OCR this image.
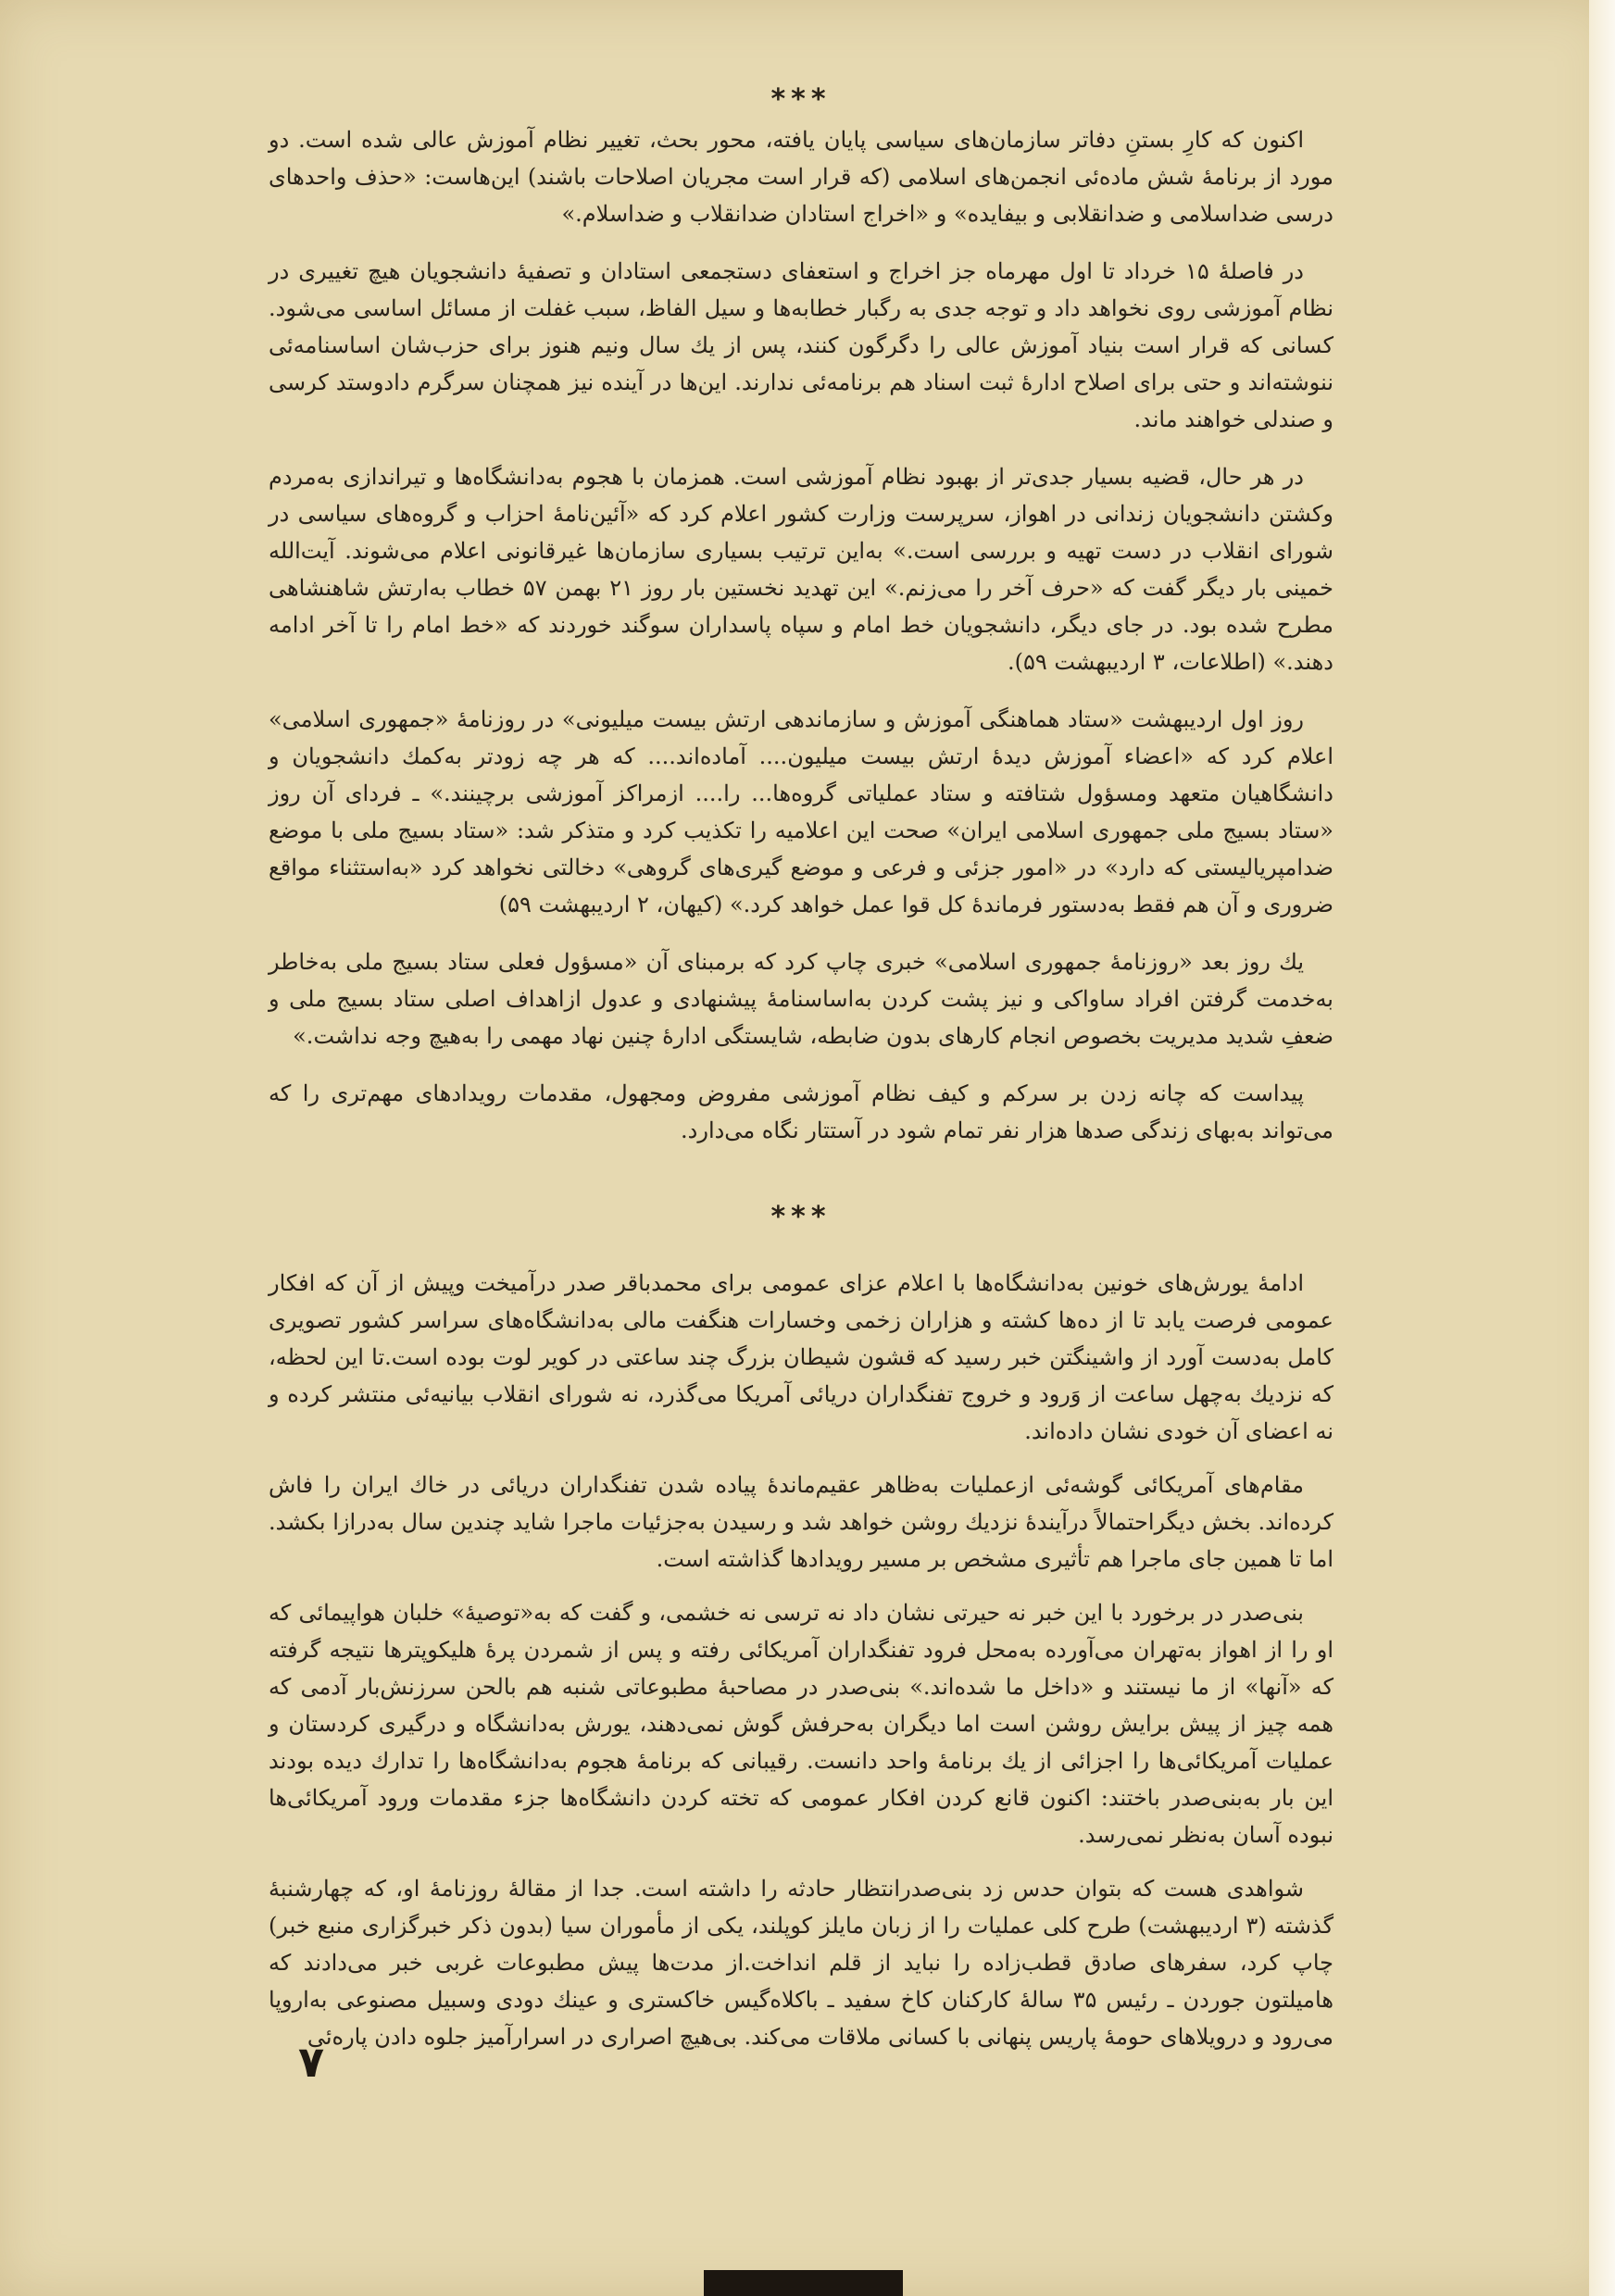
***

اکنون که کارِ بستنِ دفاتر سازمان‌های سیاسی پایان یافته، محور بحث، تغییر نظام آموزش عالی شده است. دو مورد از برنامهٔ شش ماده‌ئی انجمن‌های اسلامی (که قرار است مجریان اصلاحات باشند) این‌هاست: «حذف واحدهای درسی ضداسلامی و ضدانقلابی و بیفایده» و «اخراج استادان ضدانقلاب و ضداسلام.»

در فاصلهٔ ۱۵ خرداد تا اول مهرماه جز اخراج و استعفای دستجمعی استادان و تصفیهٔ دانشجویان هیچ تغییری در نظام آموزشی روی نخواهد داد و توجه جدی به رگبار خطابه‌ها و سیل الفاظ، سبب غفلت از مسائل اساسی می‌شود. کسانی که قرار است بنیاد آموزش عالی را دگرگون کنند، پس از یك سال ونیم هنوز برای حزب‌شان اساسنامه‌ئی ننوشته‌اند و حتی برای اصلاح ادارهٔ ثبت اسناد هم برنامه‌ئی ندارند. این‌ها در آینده نیز همچنان سرگرم دادوستد کرسی و صندلی خواهند ماند.

در هر حال، قضیه بسیار جدی‌تر از بهبود نظام آموزشی است. همزمان با هجوم به‌دانشگاه‌ها و تیراندازی به‌مردم وکشتن دانشجویان زندانی در اهواز، سرپرست وزارت کشور اعلام کرد که «آئین‌نامهٔ احزاب و گروه‌های سیاسی در شورای انقلاب در دست تهیه و بررسی است.» به‌این ترتیب بسیاری سازمان‌ها غیرقانونی اعلام می‌شوند. آیت‌الله خمینی بار دیگر گفت که «حرف آخر را می‌زنم.» این تهدید نخستین بار روز ۲۱ بهمن ۵۷ خطاب به‌ارتش شاهنشاهی مطرح شده بود. در جای دیگر، دانشجویان خط امام و سپاه پاسداران سوگند خوردند که «خط امام را تا آخر ادامه دهند.» (اطلاعات، ۳ اردیبهشت ۵۹).

روز اول اردیبهشت «ستاد هماهنگی آموزش و سازماندهی ارتش بیست میلیونی» در روزنامهٔ «جمهوری اسلامی» اعلام کرد که «اعضاء آموزش دیدهٔ ارتش بیست میلیون.... آماده‌اند.... که هر چه زودتر به‌کمك دانشجویان و دانشگاهیان متعهد ومسؤول شتافته و ستاد عملیاتی گروه‌ها... را.... ازمراکز آموزشی برچینند.» ـ فردای آن روز «ستاد بسیج ملی جمهوری اسلامی ایران» صحت این اعلامیه را تکذیب کرد و متذکر شد: «ستاد بسیج ملی با موضع ضدامپریالیستی که دارد» در «امور جزئی و فرعی و موضع گیری‌های گروهی» دخالتی نخواهد کرد «به‌استثناء مواقع ضروری و آن هم فقط به‌دستور فرماندهٔ کل قوا عمل خواهد کرد.» (کیهان، ۲ اردیبهشت ۵۹)

یك روز بعد «روزنامهٔ جمهوری اسلامی» خبری چاپ کرد که برمبنای آن «مسؤول فعلی ستاد بسیج ملی به‌خاطر به‌خدمت گرفتن افراد ساواکی و نیز پشت کردن به‌اساسنامهٔ پیشنهادی و عدول ازاهداف اصلی ستاد بسیج ملی و ضعفِ شدید مدیریت بخصوص انجام کارهای بدون ضابطه، شایستگی ادارهٔ چنین نهاد مهمی را به‌هیچ وجه نداشت.»

پیداست که چانه زدن بر سرکم و کیف نظام آموزشی مفروض ومجهول، مقدمات رویدادهای مهم‌تری را که می‌تواند به‌بهای زندگی صدها هزار نفر تمام شود در آستتار نگاه می‌دارد.

***

ادامهٔ یورش‌های خونین به‌دانشگاه‌ها با اعلام عزای عمومی برای محمدباقر صدر درآمیخت وپیش از آن که افکار عمومی فرصت یابد تا از ده‌ها کشته و هزاران زخمی وخسارات هنگفت مالی به‌دانشگاه‌های سراسر کشور تصویری کامل به‌دست آورد از واشینگتن خبر رسید که قشون شیطان بزرگ چند ساعتی در کویر لوت بوده است.تا این لحظه، که نزدیك به‌چهل ساعت از وَرود و خروج تفنگداران دریائی آمریکا می‌گذرد، نه شورای انقلاب بیانیه‌ئی منتشر کرده و نه اعضای آن خودی نشان داده‌اند.

مقام‌های آمریکائی گوشه‌ئی ازعملیات به‌ظاهر عقیم‌ماندهٔ پیاده شدن تفنگداران دریائی در خاك ایران را فاش کرده‌اند. بخش دیگراحتمالاً درآیندهٔ نزدیك روشن خواهد شد و رسیدن به‌جزئیات ماجرا شاید چندین سال به‌درازا بکشد. اما تا همین جای ماجرا هم تأثیری مشخص بر مسیر رویدادها گذاشته است.

بنی‌صدر در برخورد با این خبر نه حیرتی نشان داد نه ترسی نه خشمی، و گفت که به‌«توصیهٔ» خلبان هواپیمائی که او را از اهواز به‌تهران می‌آورده به‌محل فرود تفنگداران آمریکائی رفته و پس از شمردن پرهٔ هلیکوپترها نتیجه گرفته که «آنها» از ما نیستند و «داخل ما شده‌اند.» بنی‌صدر در مصاحبهٔ مطبوعاتی شنبه هم بالحن سرزنش‌بار آدمی که همه چیز از پیش برایش روشن است اما دیگران به‌حرفش گوش نمی‌دهند، یورش به‌دانشگاه و درگیری کردستان و عملیات آمریکائی‌ها را اجزائی از یك برنامهٔ واحد دانست. رقیبانی که برنامهٔ هجوم به‌دانشگاه‌ها را تدارك دیده بودند این بار به‌بنی‌صدر باختند: اکنون قانع کردن افکار عمومی که تخته کردن دانشگاه‌ها جزء مقدمات ورود آمریکائی‌ها نبوده آسان به‌نظر نمی‌رسد.

شواهدی هست که بتوان حدس زد بنی‌صدرانتظار حادثه را داشته است. جدا از مقالهٔ روزنامهٔ او، که چهارشنبهٔ گذشته (۳ اردیبهشت) طرح کلی عملیات را از زبان مایلز کوپلند، یکی از مأموران سیا (بدون ذکر خبرگزاری منبع خبر) چاپ کرد، سفرهای صادق قطب‌زاده را نباید از قلم انداخت.از مدت‌ها پیش مطبوعات غربی خبر می‌دادند که هامیلتون جوردن ـ رئیس ۳۵ سالهٔ کارکنان کاخ سفید ـ باکلاه‌گیس خاکستری و عینك دودی وسبیل مصنوعی به‌اروپا می‌رود و درویلاهای حومهٔ پاریس پنهانی با کسانی ملاقات می‌کند. بی‌هیچ اصراری در اسرارآمیز جلوه دادن پاره‌ئی

۷
